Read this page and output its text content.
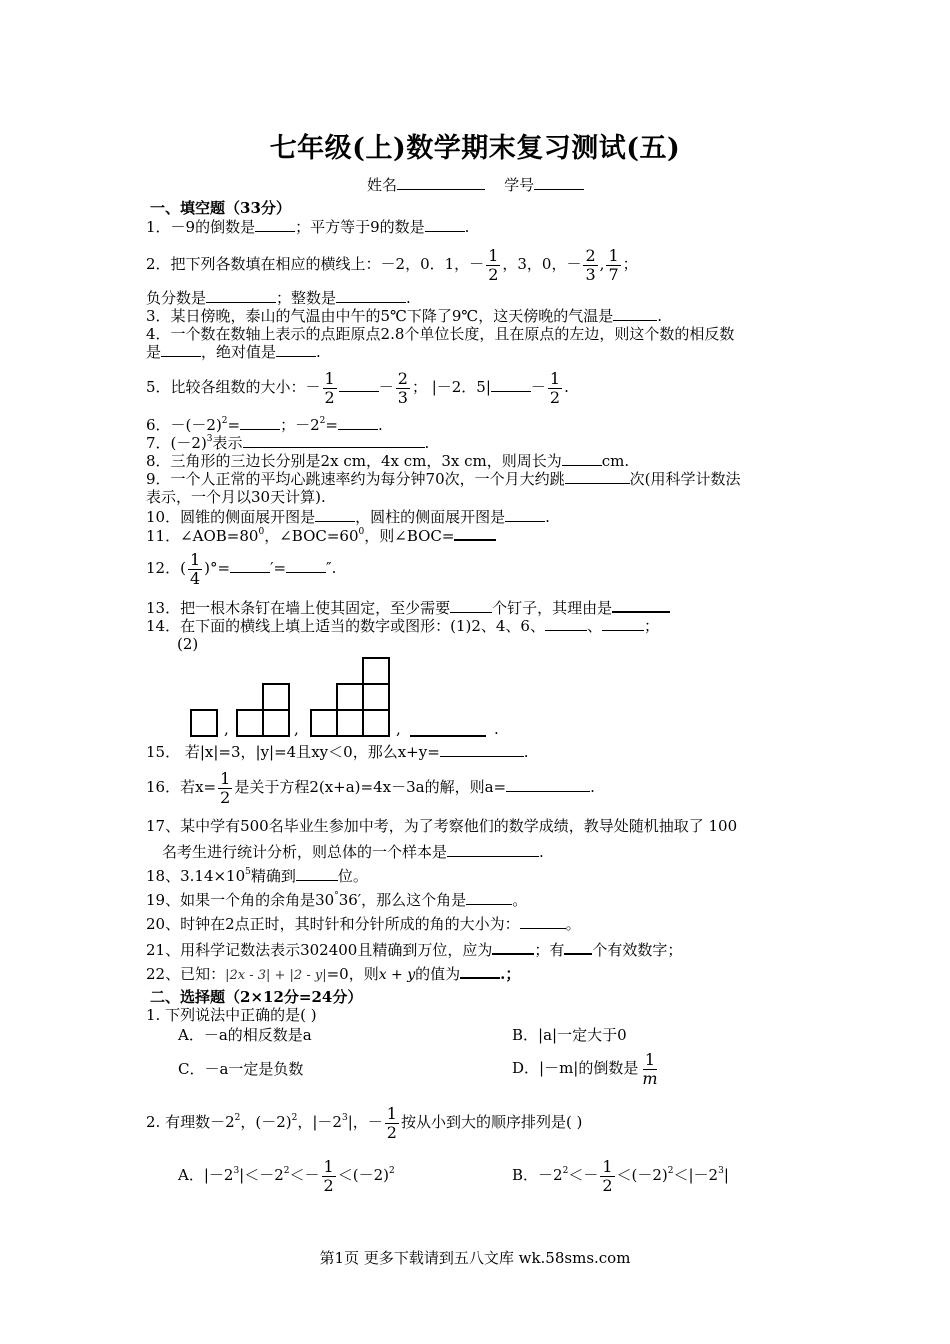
七年级(上)数学期末复习测试(五)
姓名	学号
一、填空题（33分）
1．－9的倒数是	；平方等于9的数是	.
2．把下列各数填在相应的横线上：－2，0．1，－ $\frac{1}{2}$ ，3，0，－ $\frac{2}{3}$ , $\frac{1}{7}$ ；
负分数是	；整数是	.
3．某日傍晚，泰山的气温由中午的5℃下降了9℃，这天傍晚的气温是	.
4．一个数在数轴上表示的点距原点2.8个单位长度，且在原点的左边，则这个数的相反数
是	，绝对值是	.
5．比较各组数的大小：－ $\frac{1}{2}$	－ $\frac{2}{3}$ ； |－2．5|	－ $\frac{1}{2}$ .
6．$-(-2)^2=$	；$-2^2=$	.
7．$(-2)^3$表示	.
8．三角形的三边长分别是2x cm，4x cm，3x cm，则周长为	cm.
9．一个人正常的平均心跳速率约为每分钟70次，一个月大约跳	次(用科学计数法
表示，一个月以30天计算).
10．圆锥的侧面展开图是	，圆柱的侧面展开图是	.
11．$\angle AOB=80^0$，$\angle BOC=60^0$，则∠BOC=
12．( $\frac{1}{4}$ )°=	′=	″.
13．把一根木条钉在墙上使其固定，至少需要	个钉子，其理由是
14．在下面的横线上填上适当的数字或图形：(1)2、4、6、	、	；
(2)
,	,	,	.
15． 若|x|=3，|y|=4且xy＜0，那么x+y=	.
16．若$x= \frac{1}{2}$ 是关于方程2(x+a)=4x－3a的解，则a=	.
17、某中学有500名毕业生参加中考，为了考察他们的数学成绩，教导处随机抽取了 100
名考生进行统计分析，则总体的一个样本是	.
18、$3.14\times 10^5$精确到	位。
19、如果一个角的余角是30°36′，那么这个角是	。
20、时钟在2点正时，其时针和分针所成的角的大小为：	。
21、用科学记数法表示302400且精确到万位，应为	；有 个有效数字；
22、已知：|2x - 3| + |2 - y|=0，则x + y的值为	.；
二、选择题（2×12分=24分）
1. 下列说法中正确的是( )
A．－a的相反数是a	B．|a|一定大于0
C．－a一定是负数	D．|－m|的倒数是 $\frac{1}{m}$
2. 有理数$-2^2$，$(-2)^2$，$|-2^3|$，－ $\frac{1}{2}$ 按从小到大的顺序排列是( )
A．$|-2^3|<-2^2<- \frac{1}{2} <(-2)^2$	B．$-2^2<- \frac{1}{2} <(-2)^2<|-2^3|$
第1页 更多下载请到五八文库 wk.58sms.com
